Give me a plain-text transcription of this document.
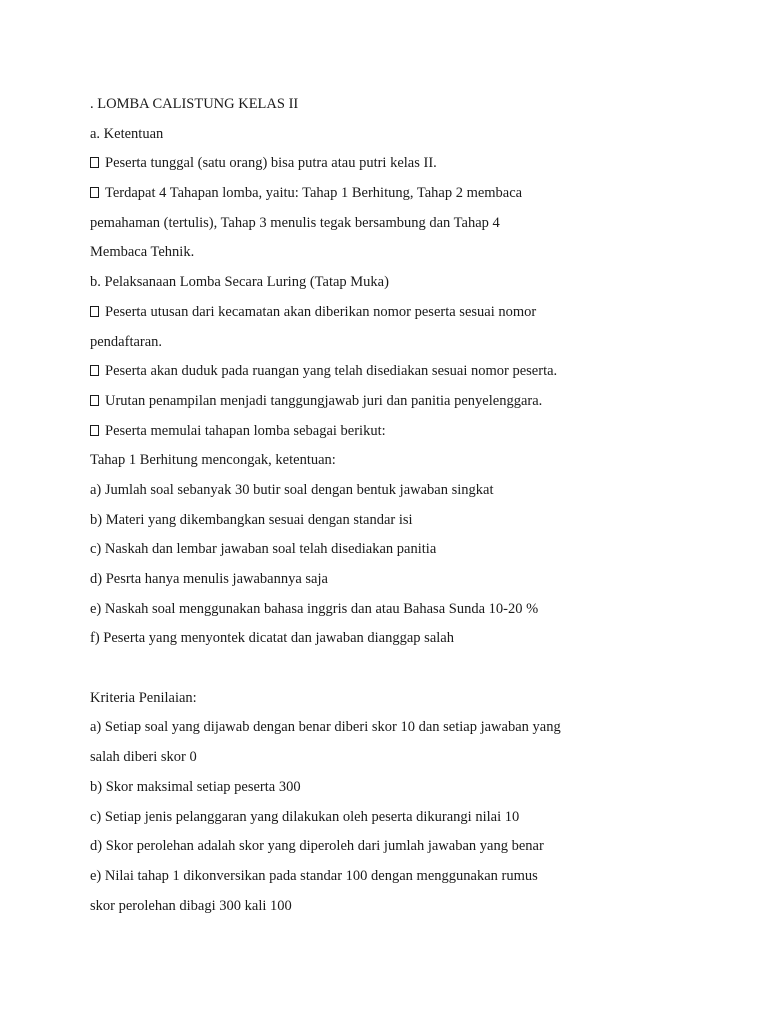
. LOMBA CALISTUNG KELAS II
a. Ketentuan
Peserta tunggal (satu orang) bisa putra atau putri kelas II.
Terdapat 4 Tahapan lomba, yaitu: Tahap 1 Berhitung, Tahap 2 membaca
pemahaman (tertulis), Tahap 3 menulis tegak bersambung dan Tahap 4
Membaca Tehnik.
b. Pelaksanaan Lomba Secara Luring (Tatap Muka)
Peserta utusan dari kecamatan akan diberikan nomor peserta sesuai nomor
pendaftaran.
Peserta akan duduk pada ruangan yang telah disediakan sesuai nomor peserta.
Urutan penampilan menjadi tanggungjawab juri dan panitia penyelenggara.
Peserta memulai tahapan lomba sebagai berikut:
Tahap 1 Berhitung mencongak, ketentuan:
a) Jumlah soal sebanyak 30 butir soal dengan bentuk jawaban singkat
b) Materi yang dikembangkan sesuai dengan standar isi
c) Naskah dan lembar jawaban soal telah disediakan panitia
d) Pesrta hanya menulis jawabannya saja
e) Naskah soal menggunakan bahasa inggris dan atau Bahasa Sunda 10-20 %
f) Peserta yang menyontek dicatat dan jawaban dianggap salah
Kriteria Penilaian:
a) Setiap soal yang dijawab dengan benar diberi skor 10 dan setiap jawaban yang
salah diberi skor 0
b) Skor maksimal setiap peserta 300
c) Setiap jenis pelanggaran yang dilakukan oleh peserta dikurangi nilai 10
d) Skor perolehan adalah skor yang diperoleh dari jumlah jawaban yang benar
e) Nilai tahap 1 dikonversikan pada standar 100 dengan menggunakan rumus
skor perolehan dibagi 300 kali 100
